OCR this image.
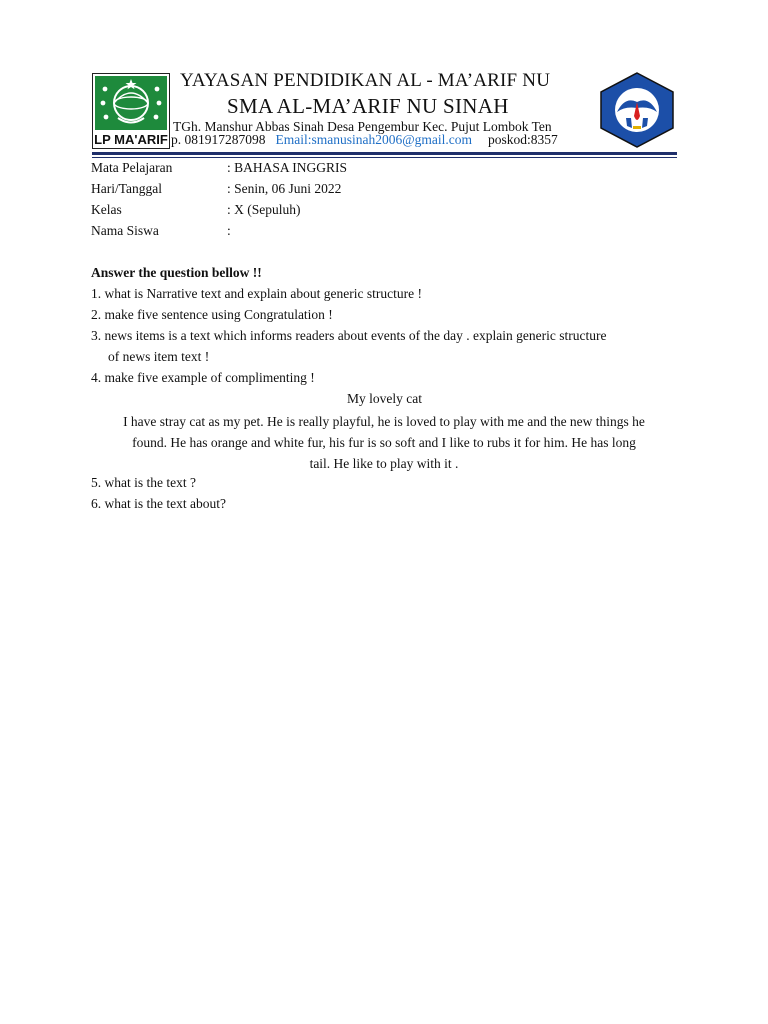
LP MA'ARIF
YAYASAN PENDIDIKAN AL - MA’ARIF NU
SMA AL-MA’ARIF NU SINAH
TGh. Manshur Abbas Sinah Desa Pengembur Kec. Pujut Lombok Ten
p. 081917287098 Email:smanusinah2006@gmail.com poskod:8357
Mata Pelajaran	: BAHASA INGGRIS
Hari/Tanggal	: Senin, 06 Juni 2022
Kelas	: X (Sepuluh)
Nama Siswa	:
Answer the question bellow !!
1. what is Narrative text and explain about generic structure !
2. make five sentence using Congratulation !
3. news items is a text which informs readers about events of the day . explain generic structure
of news item text !
4. make five example of complimenting !
My lovely cat
I have stray cat as my pet. He is really playful, he is loved to play with me and the new things he
found. He has orange and white fur, his fur is so soft and I like to rubs it for him. He has long
tail. He like to play with it .
5. what is the text ?
6. what is the text about?
